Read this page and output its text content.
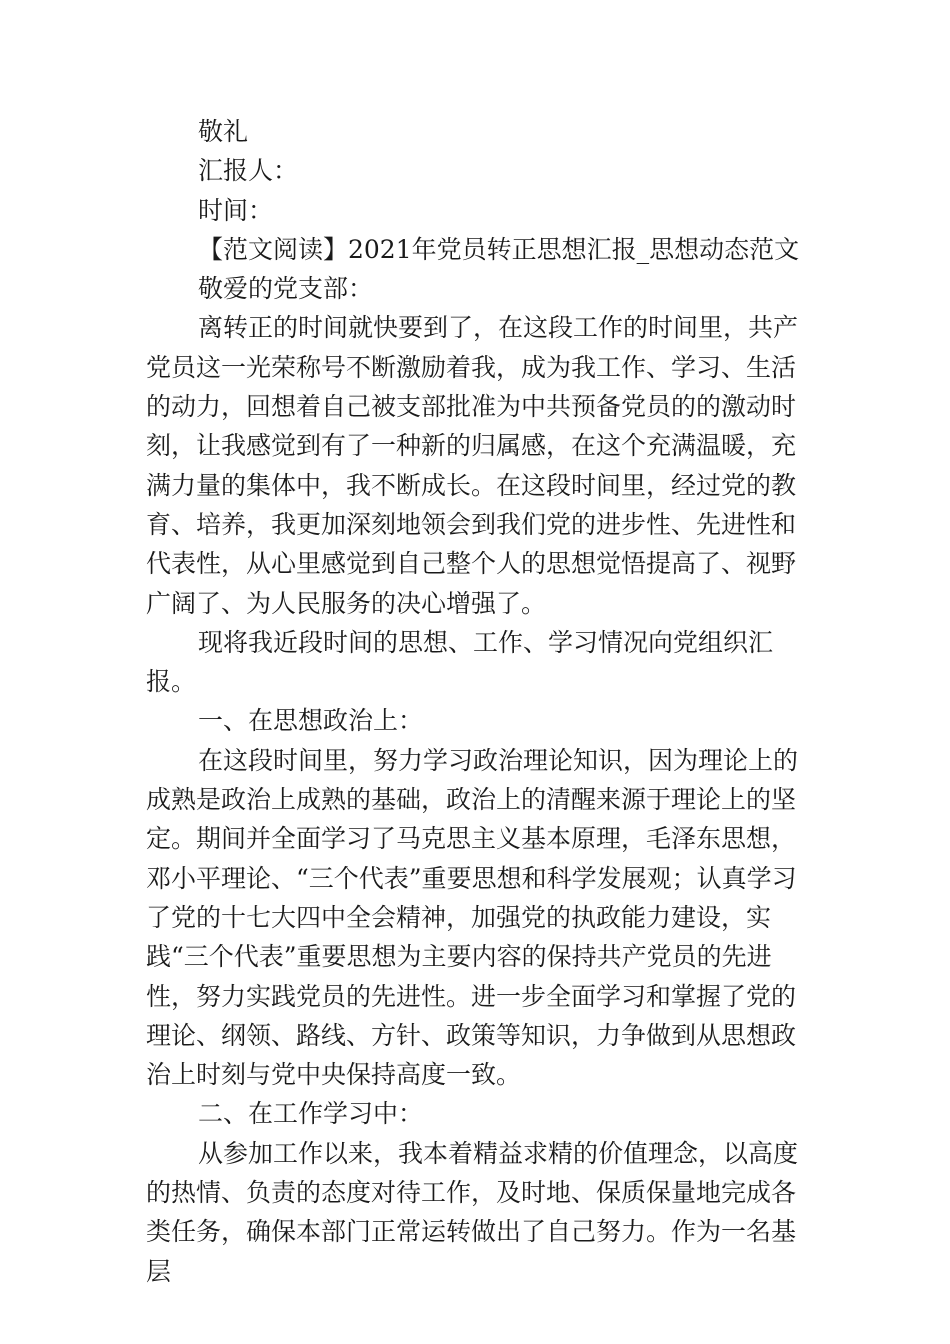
敬礼
汇报人：
时间：
【范文阅读】2021年党员转正思想汇报_思想动态范文
敬爱的党支部：

离转正的时间就快要到了，在这段工作的时间里，共产党员这一光荣称号不断激励着我，成为我工作、学习、生活的动力，回想着自己被支部批准为中共预备党员的的激动时刻，让我感觉到有了一种新的归属感，在这个充满温暖，充满力量的集体中，我不断成长。在这段时间里，经过党的教育、培养，我更加深刻地领会到我们党的进步性、先进性和代表性，从心里感觉到自己整个人的思想觉悟提高了、视野广阔了、为人民服务的决心增强了。

现将我近段时间的思想、工作、学习情况向党组织汇报。

一、在思想政治上：

在这段时间里，努力学习政治理论知识，因为理论上的成熟是政治上成熟的基础，政治上的清醒来源于理论上的坚定。期间并全面学习了马克思主义基本原理，毛泽东思想，邓小平理论、“三个代表”重要思想和科学发展观；认真学习了党的十七大四中全会精神，加强党的执政能力建设，实践“三个代表”重要思想为主要内容的保持共产党员的先进性，努力实践党员的先进性。进一步全面学习和掌握了党的理论、纲领、路线、方针、政策等知识，力争做到从思想政治上时刻与党中央保持高度一致。

二、在工作学习中：

从参加工作以来，我本着精益求精的价值理念，以高度的热情、负责的态度对待工作，及时地、保质保量地完成各类任务，确保本部门正常运转做出了自己努力。作为一名基层
